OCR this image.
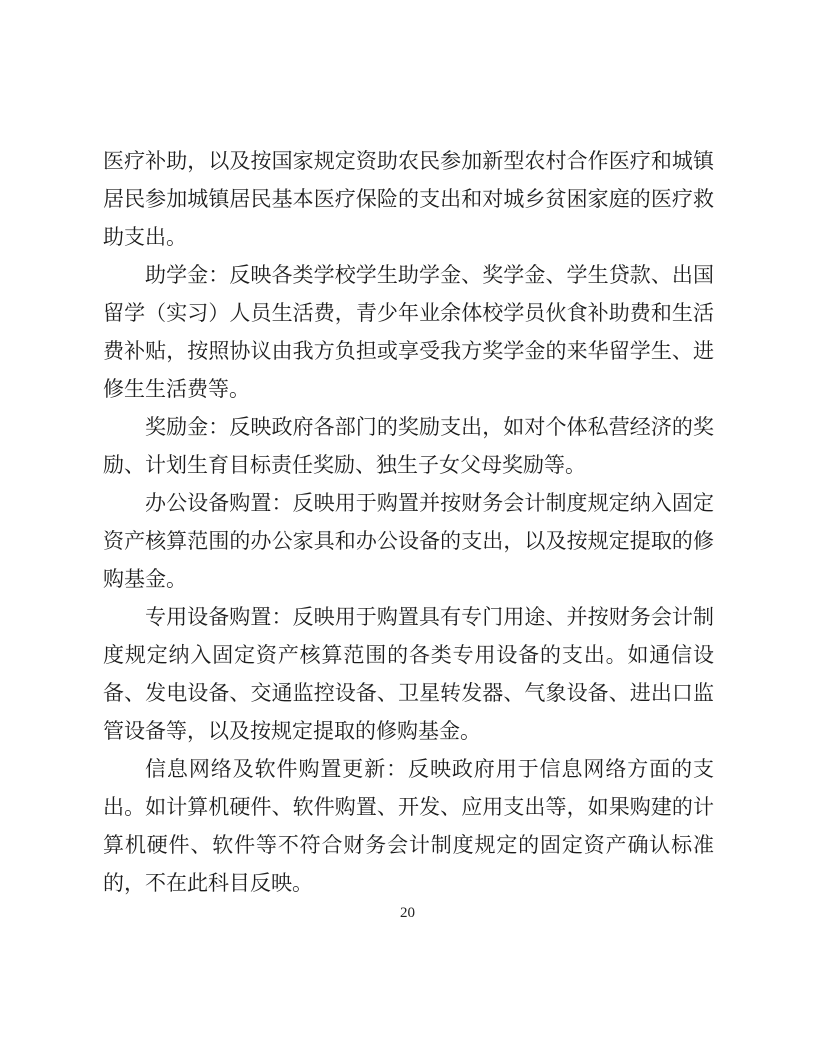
医疗补助，以及按国家规定资助农民参加新型农村合作医疗和城镇居民参加城镇居民基本医疗保险的支出和对城乡贫困家庭的医疗救助支出。

助学金：反映各类学校学生助学金、奖学金、学生贷款、出国留学（实习）人员生活费，青少年业余体校学员伙食补助费和生活费补贴，按照协议由我方负担或享受我方奖学金的来华留学生、进修生生活费等。

奖励金：反映政府各部门的奖励支出，如对个体私营经济的奖励、计划生育目标责任奖励、独生子女父母奖励等。

办公设备购置：反映用于购置并按财务会计制度规定纳入固定资产核算范围的办公家具和办公设备的支出，以及按规定提取的修购基金。

专用设备购置：反映用于购置具有专门用途、并按财务会计制度规定纳入固定资产核算范围的各类专用设备的支出。如通信设备、发电设备、交通监控设备、卫星转发器、气象设备、进出口监管设备等，以及按规定提取的修购基金。

信息网络及软件购置更新：反映政府用于信息网络方面的支出。如计算机硬件、软件购置、开发、应用支出等，如果购建的计算机硬件、软件等不符合财务会计制度规定的固定资产确认标准的，不在此科目反映。

20
